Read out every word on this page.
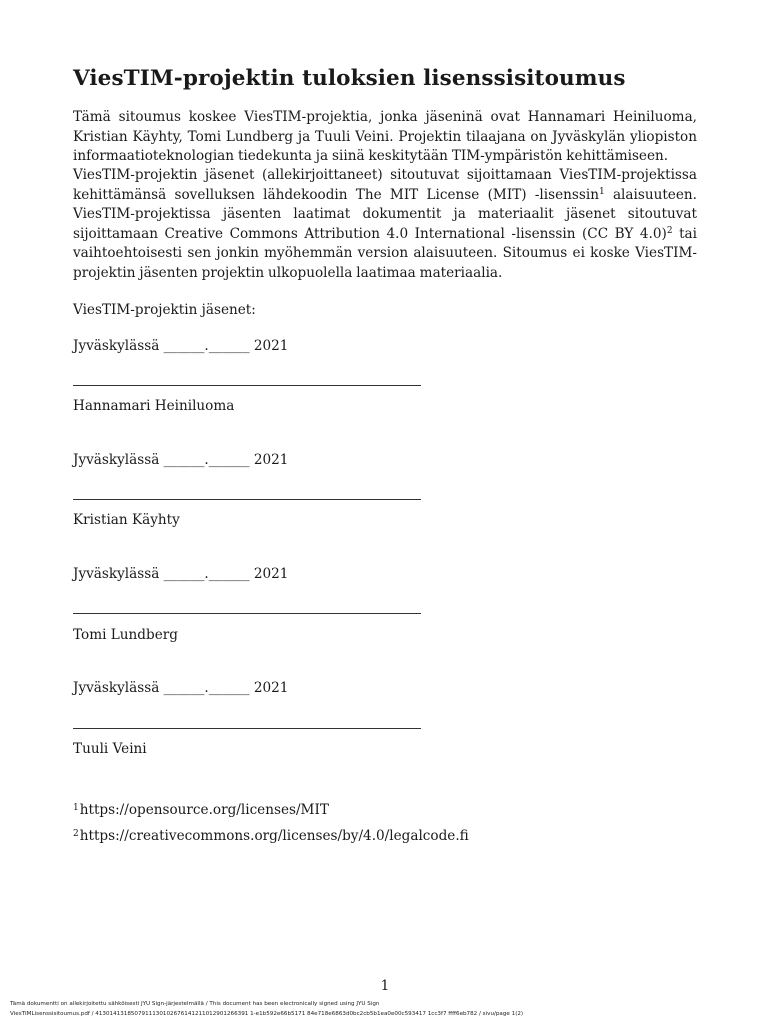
ViesTIM-projektin tuloksien lisenssisitoumus

Tämä sitoumus koskee ViesTIM-projektia, jonka jäseninä ovat Hannamari Heiniluoma, Kristian Käyhty, Tomi Lundberg ja Tuuli Veini. Projektin tilaajana on Jyväskylän yliopiston informaatioteknologian tiedekunta ja siinä keskitytään TIM-ympäristön kehittämiseen.

ViesTIM-projektin jäsenet (allekirjoittaneet) sitoutuvat sijoittamaan ViesTIM-projektissa kehittämänsä sovelluksen lähdekoodin The MIT License (MIT) -lisenssin$^1$ alaisuuteen. ViesTIM-projektissa jäsenten laatimat dokumentit ja materiaalit jäsenet sitoutuvat sijoittamaan Creative Commons Attribution 4.0 International -lisenssin (CC BY 4.0)$^2$ tai vaihtoehtoisesti sen jonkin myöhemmän version alaisuuteen. Sitoumus ei koske ViesTIM-projektin jäsenten projektin ulkopuolella laatimaa materiaalia.

ViesTIM-projektin jäsenet:

Jyväskylässä ______.______ 2021

Hannamari Heiniluoma

Jyväskylässä ______.______ 2021

Kristian Käyhty

Jyväskylässä ______.______ 2021

Tomi Lundberg

Jyväskylässä ______.______ 2021

Tuuli Veini

$^1$https://opensource.org/licenses/MIT

$^2$https://creativecommons.org/licenses/by/4.0/legalcode.fi

1

Tämä dokumentti on allekirjoitettu sähköisesti JYU Sign-järjestelmällä / This document has been electronically signed using JYU Sign

ViesTIMLisenssisitoumus.pdf / 4130141318507911130102676141211012901266391 1-e1b592e66b5171 84e718e6863d0bc2cb5b1ea0e00c593417 1cc3f7 ffff6eb782 / sivu/page 1(2)
